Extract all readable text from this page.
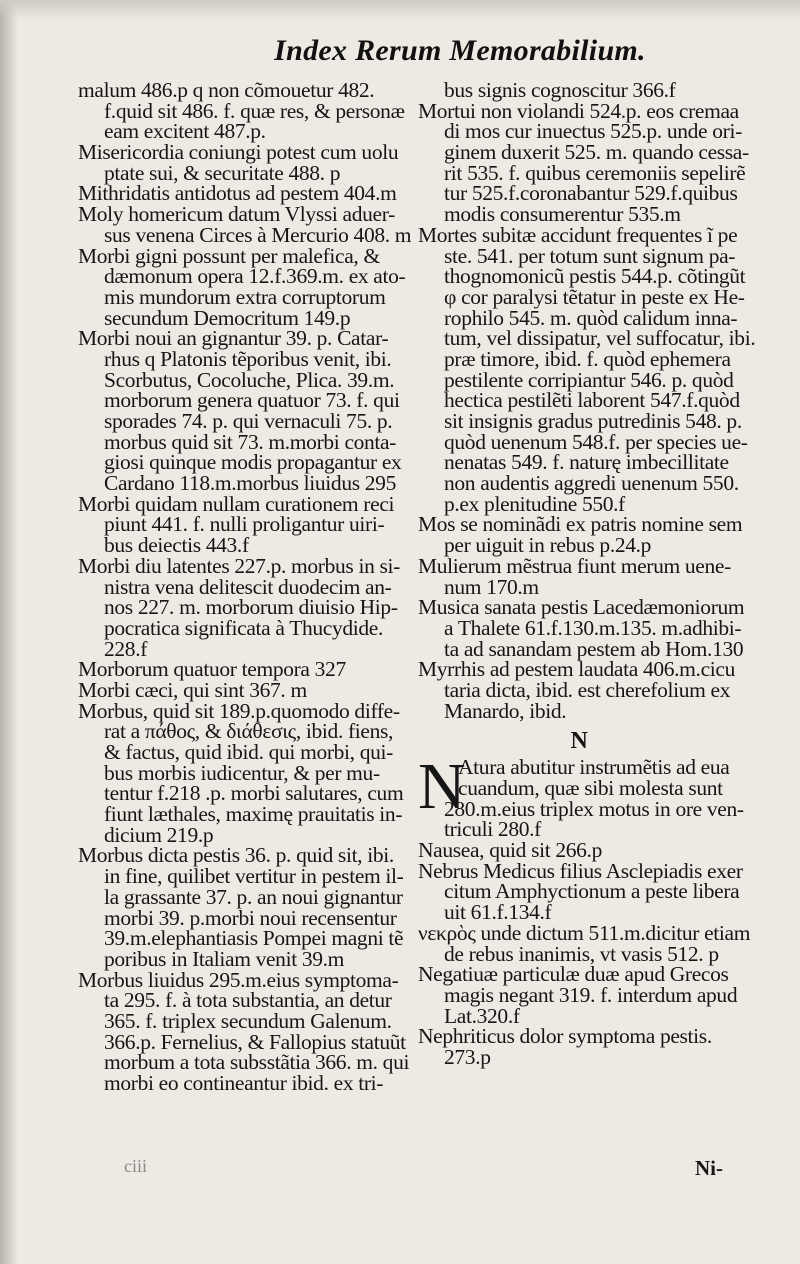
Index Rerum Memorabilium.
malum 486.p q non cõmouetur 482.
f.quid sit 486. f. quæ res, & personæ
eam excitent 487.p.
Misericordia coniungi potest cum uolu
ptate sui, & securitate 488. p
Mithridatis antidotus ad pestem 404.m
Moly homericum datum Vlyssi aduer-
sus venena Circes à Mercurio 408. m
Morbi gigni possunt per malefica, &
dæmonum opera 12.f.369.m. ex ato-
mis mundorum extra corruptorum
secundum Democritum 149.p
Morbi noui an gignantur 39. p. Catar-
rhus q Platonis tẽporibus venit, ibi.
Scorbutus, Cocoluche, Plica. 39.m.
morborum genera quatuor 73. f. qui
sporades 74. p. qui vernaculi 75. p.
morbus quid sit 73. m.morbi conta-
giosi quinque modis propagantur ex
Cardano 118.m.morbus liuidus 295
Morbi quidam nullam curationem reci
piunt 441. f. nulli proligantur uiri-
bus deiectis 443.f
Morbi diu latentes 227.p. morbus in si-
nistra vena delitescit duodecim an-
nos 227. m. morborum diuisio Hip-
pocratica significata à Thucydide.
228.f
Morborum quatuor tempora 327
Morbi cæci, qui sint 367. m
Morbus, quid sit 189.p.quomodo diffe-
rat a πάθος, & διάθεσις, ibid. fiens,
& factus, quid ibid. qui morbi, qui-
bus morbis iudicentur, & per mu-
tentur f.218 .p. morbi salutares, cum
fiunt læthales, maximę prauitatis in-
dicium 219.p
Morbus dicta pestis 36. p. quid sit, ibi.
in fine, quilibet vertitur in pestem il-
la grassante 37. p. an noui gignantur
morbi 39. p.morbi noui recensentur
39.m.elephantiasis Pompei magni tẽ
poribus in Italiam venit 39.m
Morbus liuidus 295.m.eius symptoma-
ta 295. f. à tota substantia, an detur
365. f. triplex secundum Galenum.
366.p. Fernelius, & Fallopius statuũt
morbum a tota subsstãtia 366. m. qui
morbi eo contineantur ibid. ex tri-
bus signis cognoscitur 366.f
Mortui non violandi 524.p. eos cremaa
di mos cur inuectus 525.p. unde ori-
ginem duxerit 525. m. quando cessa-
rit 535. f. quibus ceremoniis sepelirẽ
tur 525.f.coronabantur 529.f.quibus
modis consumerentur 535.m
Mortes subitæ accidunt frequentes ĩ pe
ste. 541. per totum sunt signum pa-
thognomonicũ pestis 544.p. cõtingũt
φ cor paralysi tẽtatur in peste ex He-
rophilo 545. m. quòd calidum inna-
tum, vel dissipatur, vel suffocatur, ibi.
præ timore, ibid. f. quòd ephemera
pestilente corripiantur 546. p. quòd
hectica pestilẽti laborent 547.f.quòd
sit insignis gradus putredinis 548. p.
quòd uenenum 548.f. per species ue-
nenatas 549. f. naturę imbecillitate
non audentis aggredi uenenum 550.
p.ex plenitudine 550.f
Mos se nominãdi ex patris nomine sem
per uiguit in rebus p.24.p
Mulierum mẽstrua fiunt merum uene-
num 170.m
Musica sanata pestis Lacedæmoniorum
a Thalete 61.f.130.m.135. m.adhibi-
ta ad sanandam pestem ab Hom.130
Myrrhis ad pestem laudata 406.m.cicu
taria dicta, ibid. est cherefolium ex
Manardo, ibid.
N
N
Atura abutitur instrumẽtis ad eua
cuandum, quæ sibi molesta sunt
280.m.eius triplex motus in ore ven-
triculi 280.f
Nausea, quid sit 266.p
Nebrus Medicus filius Asclepiadis exer
citum Amphyctionum a peste libera
uit 61.f.134.f
νεκρὸς unde dictum 511.m.dicitur etiam
de rebus inanimis, vt vasis 512. p
Negatiuæ particulæ duæ apud Grecos
magis negant 319. f. interdum apud
Lat.320.f
Nephriticus dolor symptoma pestis.
273.p
ciii	Ni-
